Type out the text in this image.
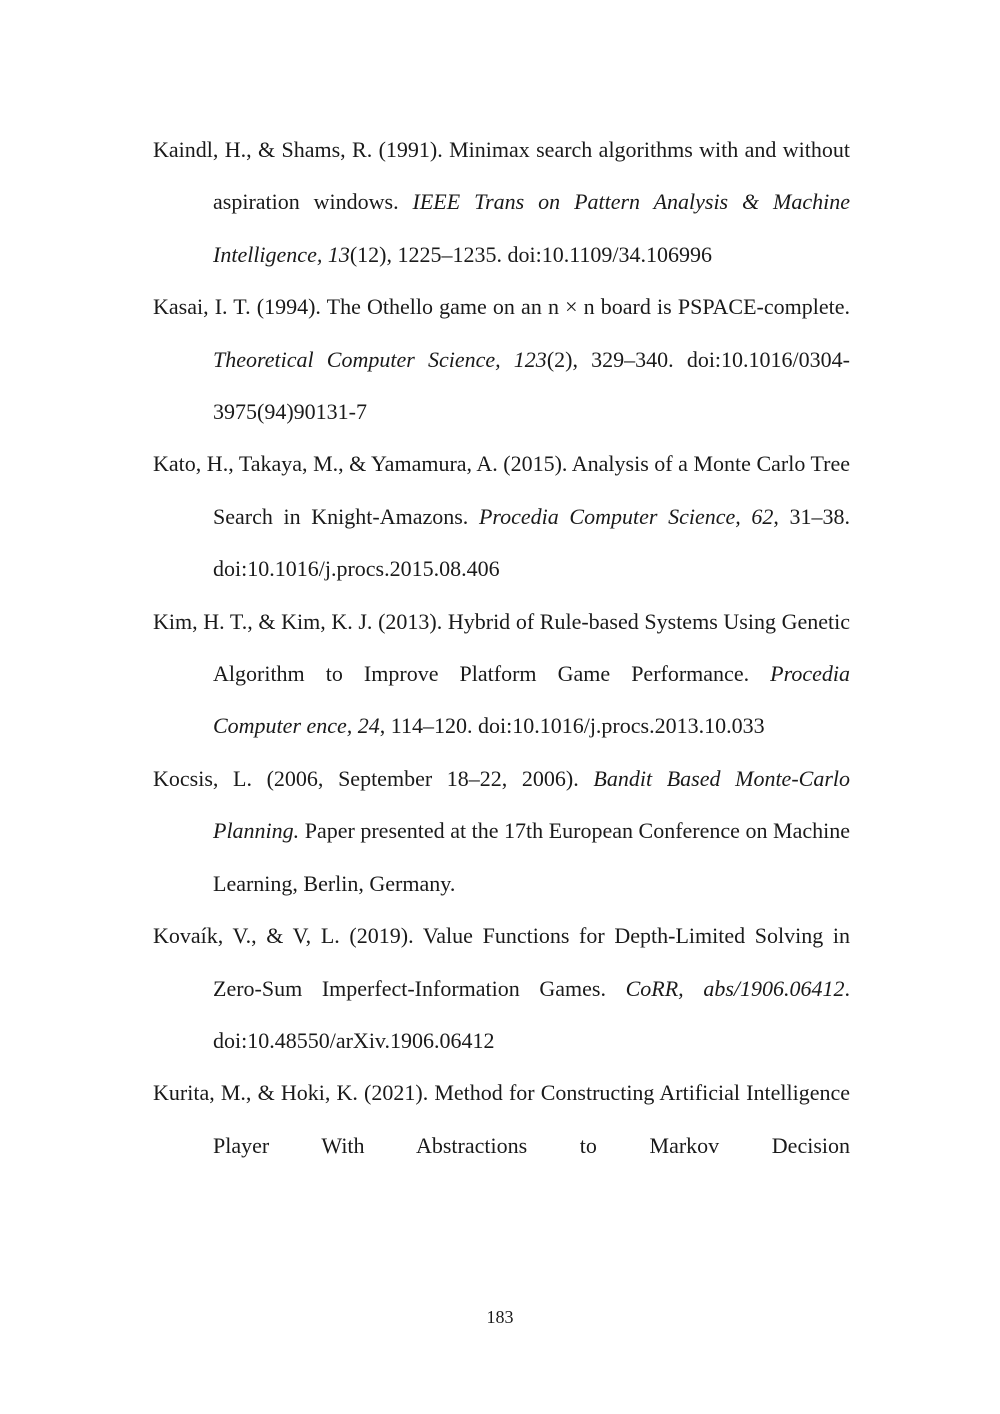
Kaindl, H., & Shams, R. (1991). Minimax search algorithms with and without aspiration windows. IEEE Trans on Pattern Analysis & Machine Intelligence, 13(12), 1225–1235. doi:10.1109/34.106996

Kasai, I. T. (1994). The Othello game on an n × n board is PSPACE-complete. Theoretical Computer Science, 123(2), 329–340. doi:10.1016/0304-3975(94)90131-7

Kato, H., Takaya, M., & Yamamura, A. (2015). Analysis of a Monte Carlo Tree Search in Knight-Amazons. Procedia Computer Science, 62, 31–38. doi:10.1016/j.procs.2015.08.406

Kim, H. T., & Kim, K. J. (2013). Hybrid of Rule-based Systems Using Genetic Algorithm to Improve Platform Game Performance. Procedia Computer ence, 24, 114–120. doi:10.1016/j.procs.2013.10.033

Kocsis, L. (2006, September 18–22, 2006). Bandit Based Monte-Carlo Planning. Paper presented at the 17th European Conference on Machine Learning, Berlin, Germany.

Kovaík, V., & V, L. (2019). Value Functions for Depth-Limited Solving in Zero-Sum Imperfect-Information Games. CoRR, abs/1906.06412. doi:10.48550/arXiv.1906.06412

Kurita, M., & Hoki, K. (2021). Method for Constructing Artificial Intelligence Player With Abstractions to Markov Decision

183
